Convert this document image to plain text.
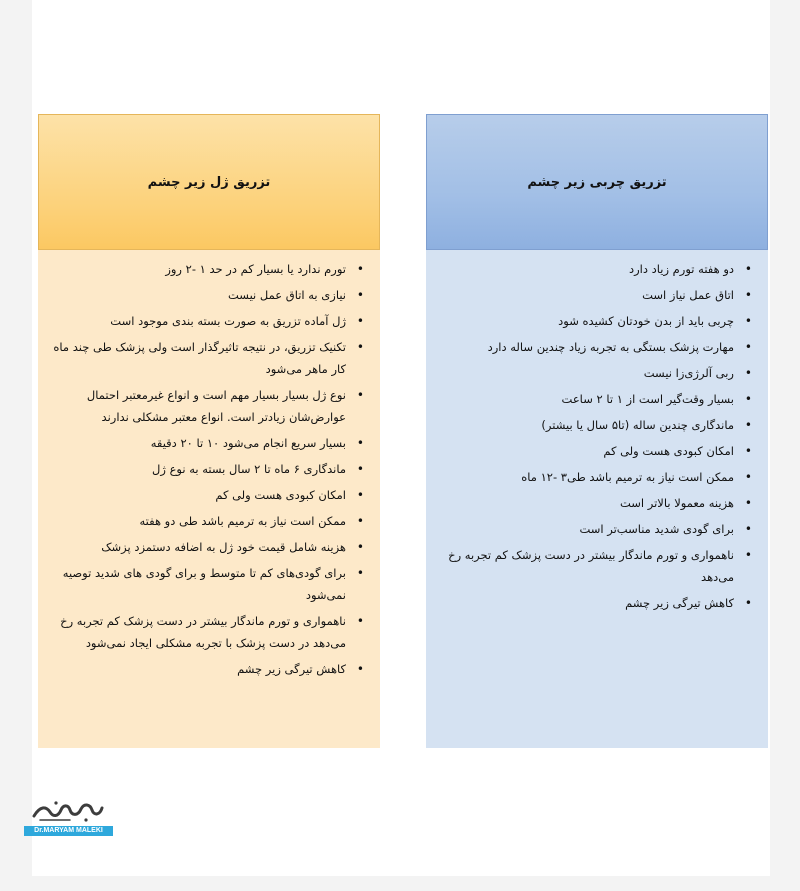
تزریق ژل زیر چشم
• تورم ندارد یا بسیار کم در حد ۱ -۲ روز
• نیازی به اتاق عمل نیست
• ژل آماده تزریق به صورت بسته بندی موجود است
• تکنیک تزریق، در نتیجه تاثیرگذار است ولی پزشک طی چند ماه کار ماهر می‌شود
• نوع ژل بسیار بسیار مهم است و انواع غیرمعتبر احتمال عوارض‌شان زیادتر است. انواع معتبر مشکلی ندارند
• بسیار سریع انجام می‌شود ۱۰ تا ۲۰ دقیقه
• ماندگاری ۶ ماه تا ۲ سال بسته به نوع ژل
• امکان کبودی هست ولی کم
• ممکن است نیاز به ترمیم باشد طی دو هفته
• هزینه شامل قیمت خود ژل به اضافه دستمزد پزشک
• برای گودی‌های کم تا متوسط و برای گودی های شدید توصیه نمی‌شود
• ناهمواری و تورم ماندگار بیشتر در دست پزشک کم تجربه رخ می‌دهد در دست پزشک با تجربه مشکلی ایجاد نمی‌شود
• کاهش تیرگی زیر چشم
تزریق چربی زیر چشم
• دو هفته تورم زیاد دارد
• اتاق عمل نیاز است
• چربی باید از بدن خودتان کشیده شود
• مهارت پزشک بستگی به تجربه زیاد چندین ساله دارد
• ربی آلرژی‌زا نیست
• بسیار وقت‌گیر است از ۱ تا ۲ ساعت
• ماندگاری چندین ساله (تا۵ سال یا بیشتر)
• امکان کبودی هست ولی کم
• ممکن است نیاز به ترمیم باشد طی۳ -۱۲ ماه
• هزینه معمولا بالاتر است
• برای گودی شدید مناسب‌تر است
• ناهمواری و تورم ماندگار بیشتر در دست پزشک کم تجربه رخ می‌دهد
• کاهش تیرگی زیر چشم
Dr.MARYAM MALEKI
